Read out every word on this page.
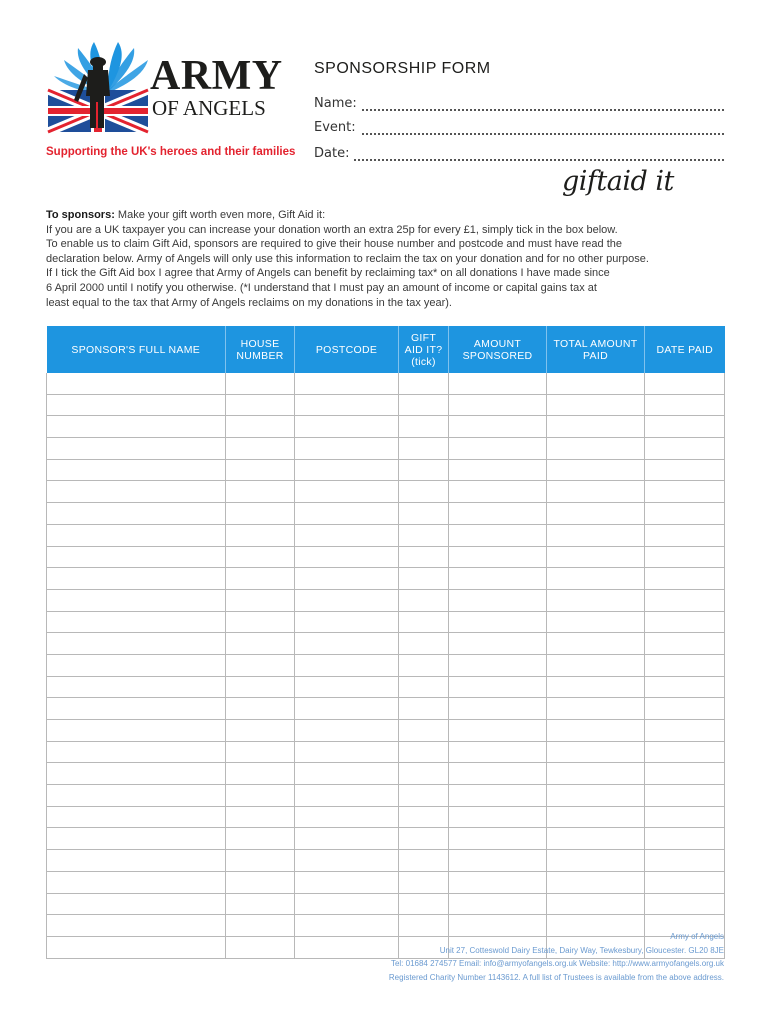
ARMY
OF ANGELS
Supporting the UK's heroes and their families
SPONSORSHIP FORM
Name:
Event:
Date:
giftaid it

To sponsors: Make your gift worth even more, Gift Aid it:

If you are a UK taxpayer you can increase your donation worth an extra 25p for every £1, simply tick in the box below.

To enable us to claim Gift Aid, sponsors are required to give their house number and postcode and must have read the

declaration below. Army of Angels will only use this information to reclaim the tax on your donation and for no other purpose.

If I tick the Gift Aid box I agree that Army of Angels can benefit by reclaiming tax* on all donations I have made since

6 April 2000 until I notify you otherwise. (*I understand that I must pay an amount of income or capital gains tax at

least equal to the tax that Army of Angels reclaims on my donations in the tax year).

SPONSOR'S FULL NAME	HOUSE NUMBER	POSTCODE	GIFT AID IT? (tick)	AMOUNT SPONSORED	TOTAL AMOUNT PAID	DATE PAID

Army of Angels
Unit 27, Cotteswold Dairy Estate, Dairy Way, Tewkesbury, Gloucester. GL20 8JE
Tel: 01684 274577 Email: info@armyofangels.org.uk Website: http://www.armyofangels.org.uk
Registered Charity Number 1143612. A full list of Trustees is available from the above address.
